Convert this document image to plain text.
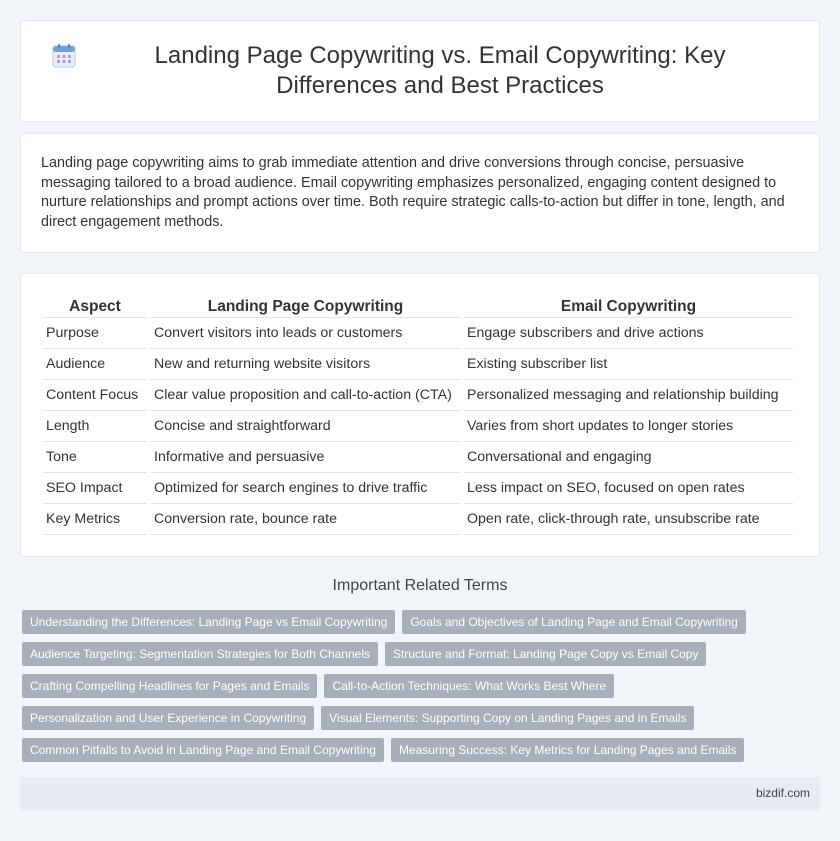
Landing Page Copywriting vs. Email Copywriting: Key Differences and Best Practices

Landing page copywriting aims to grab immediate attention and drive conversions through concise, persuasive messaging tailored to a broad audience. Email copywriting emphasizes personalized, engaging content designed to nurture relationships and prompt actions over time. Both require strategic calls-to-action but differ in tone, length, and direct engagement methods.

Aspect	Landing Page Copywriting	Email Copywriting
Purpose	Convert visitors into leads or customers	Engage subscribers and drive actions
Audience	New and returning website visitors	Existing subscriber list
Content Focus	Clear value proposition and call-to-action (CTA)	Personalized messaging and relationship building
Length	Concise and straightforward	Varies from short updates to longer stories
Tone	Informative and persuasive	Conversational and engaging
SEO Impact	Optimized for search engines to drive traffic	Less impact on SEO, focused on open rates
Key Metrics	Conversion rate, bounce rate	Open rate, click-through rate, unsubscribe rate
Important Related Terms
Understanding the Differences: Landing Page vs Email Copywriting	Goals and Objectives of Landing Page and Email Copywriting
Audience Targeting: Segmentation Strategies for Both Channels	Structure and Format: Landing Page Copy vs Email Copy
Crafting Compelling Headlines for Pages and Emails	Call-to-Action Techniques: What Works Best Where
Personalization and User Experience in Copywriting	Visual Elements: Supporting Copy on Landing Pages and in Emails
Common Pitfalls to Avoid in Landing Page and Email Copywriting	Measuring Success: Key Metrics for Landing Pages and Emails
bizdif.com
